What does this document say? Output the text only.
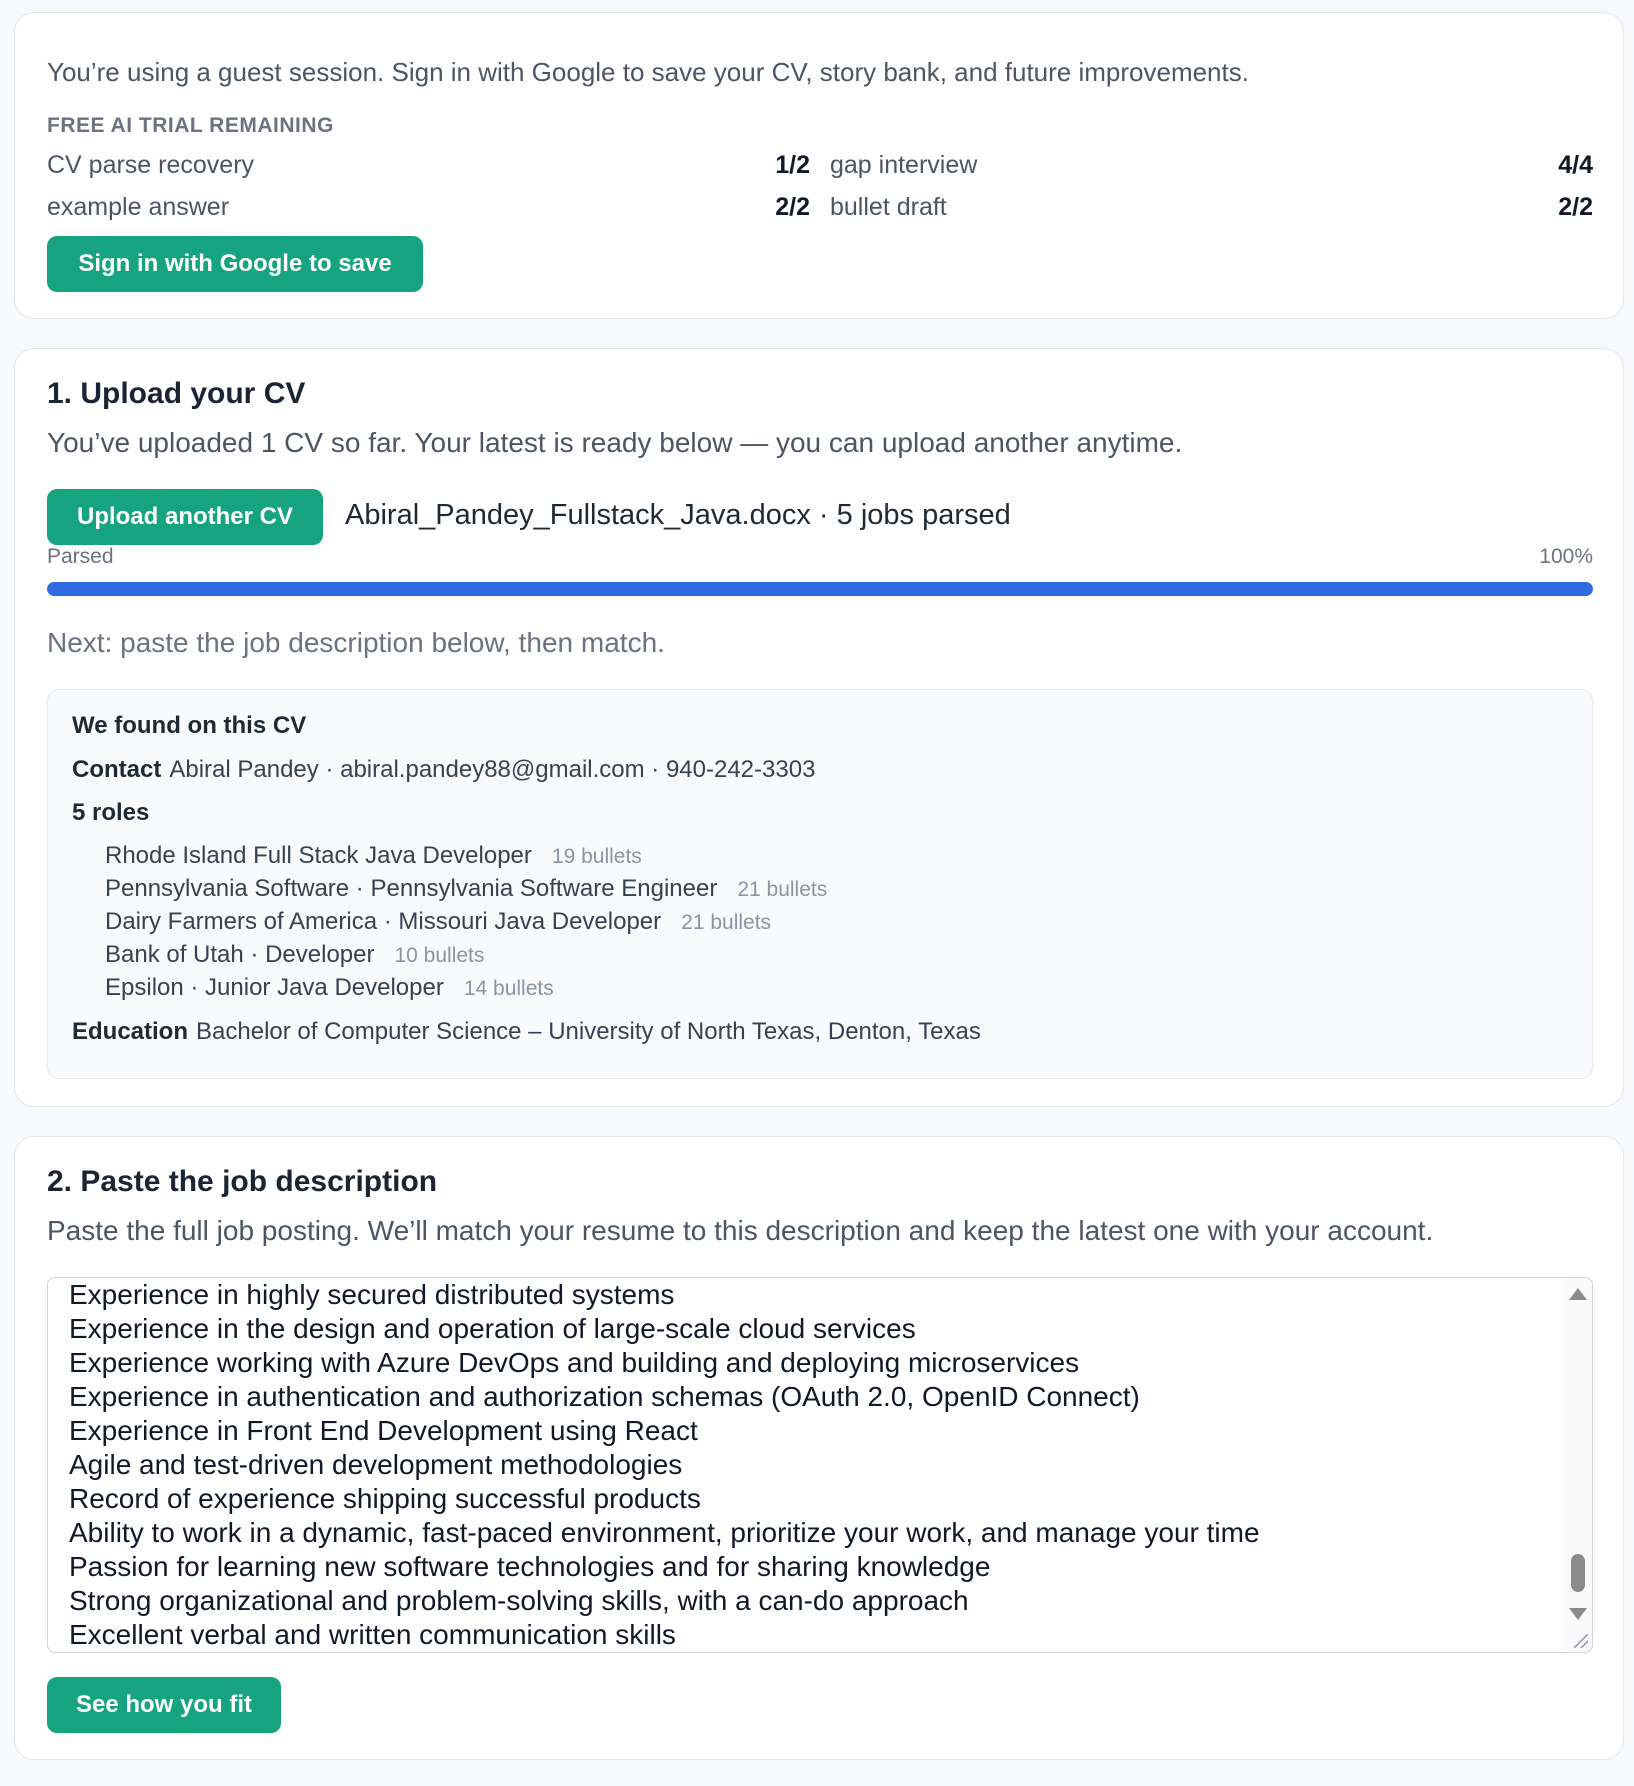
You’re using a guest session. Sign in with Google to save your CV, story bank, and future improvements.

FREE AI TRIAL REMAINING
CV parse recovery	1/2 gap interview	4/4
example answer	2/2 bullet draft	2/2
Sign in with Google to save
1. Upload your CV

You’ve uploaded 1 CV so far. Your latest is ready below — you can upload another anytime.

Upload another CV	Abiral_Pandey_Fullstack_Java.docx · 5 jobs parsed
Parsed	100%

Next: paste the job description below, then match.

We found on this CV
Contact Abiral Pandey · abiral.pandey88@gmail.com · 940-242-3303
5 roles
Rhode Island Full Stack Java Developer 19 bullets
Pennsylvania Software · Pennsylvania Software Engineer 21 bullets
Dairy Farmers of America · Missouri Java Developer 21 bullets
Bank of Utah · Developer 10 bullets
Epsilon · Junior Java Developer 14 bullets
Education Bachelor of Computer Science – University of North Texas, Denton, Texas
2. Paste the job description

Paste the full job posting. We’ll match your resume to this description and keep the latest one with your account.

Experience in highly secured distributed systems
Experience in the design and operation of large-scale cloud services
Experience working with Azure DevOps and building and deploying microservices
Experience in authentication and authorization schemas (OAuth 2.0, OpenID Connect)
Experience in Front End Development using React
Agile and test-driven development methodologies
Record of experience shipping successful products
Ability to work in a dynamic, fast-paced environment, prioritize your work, and manage your time
Passion for learning new software technologies and for sharing knowledge
Strong organizational and problem-solving skills, with a can-do approach
Excellent verbal and written communication skills
See how you fit
